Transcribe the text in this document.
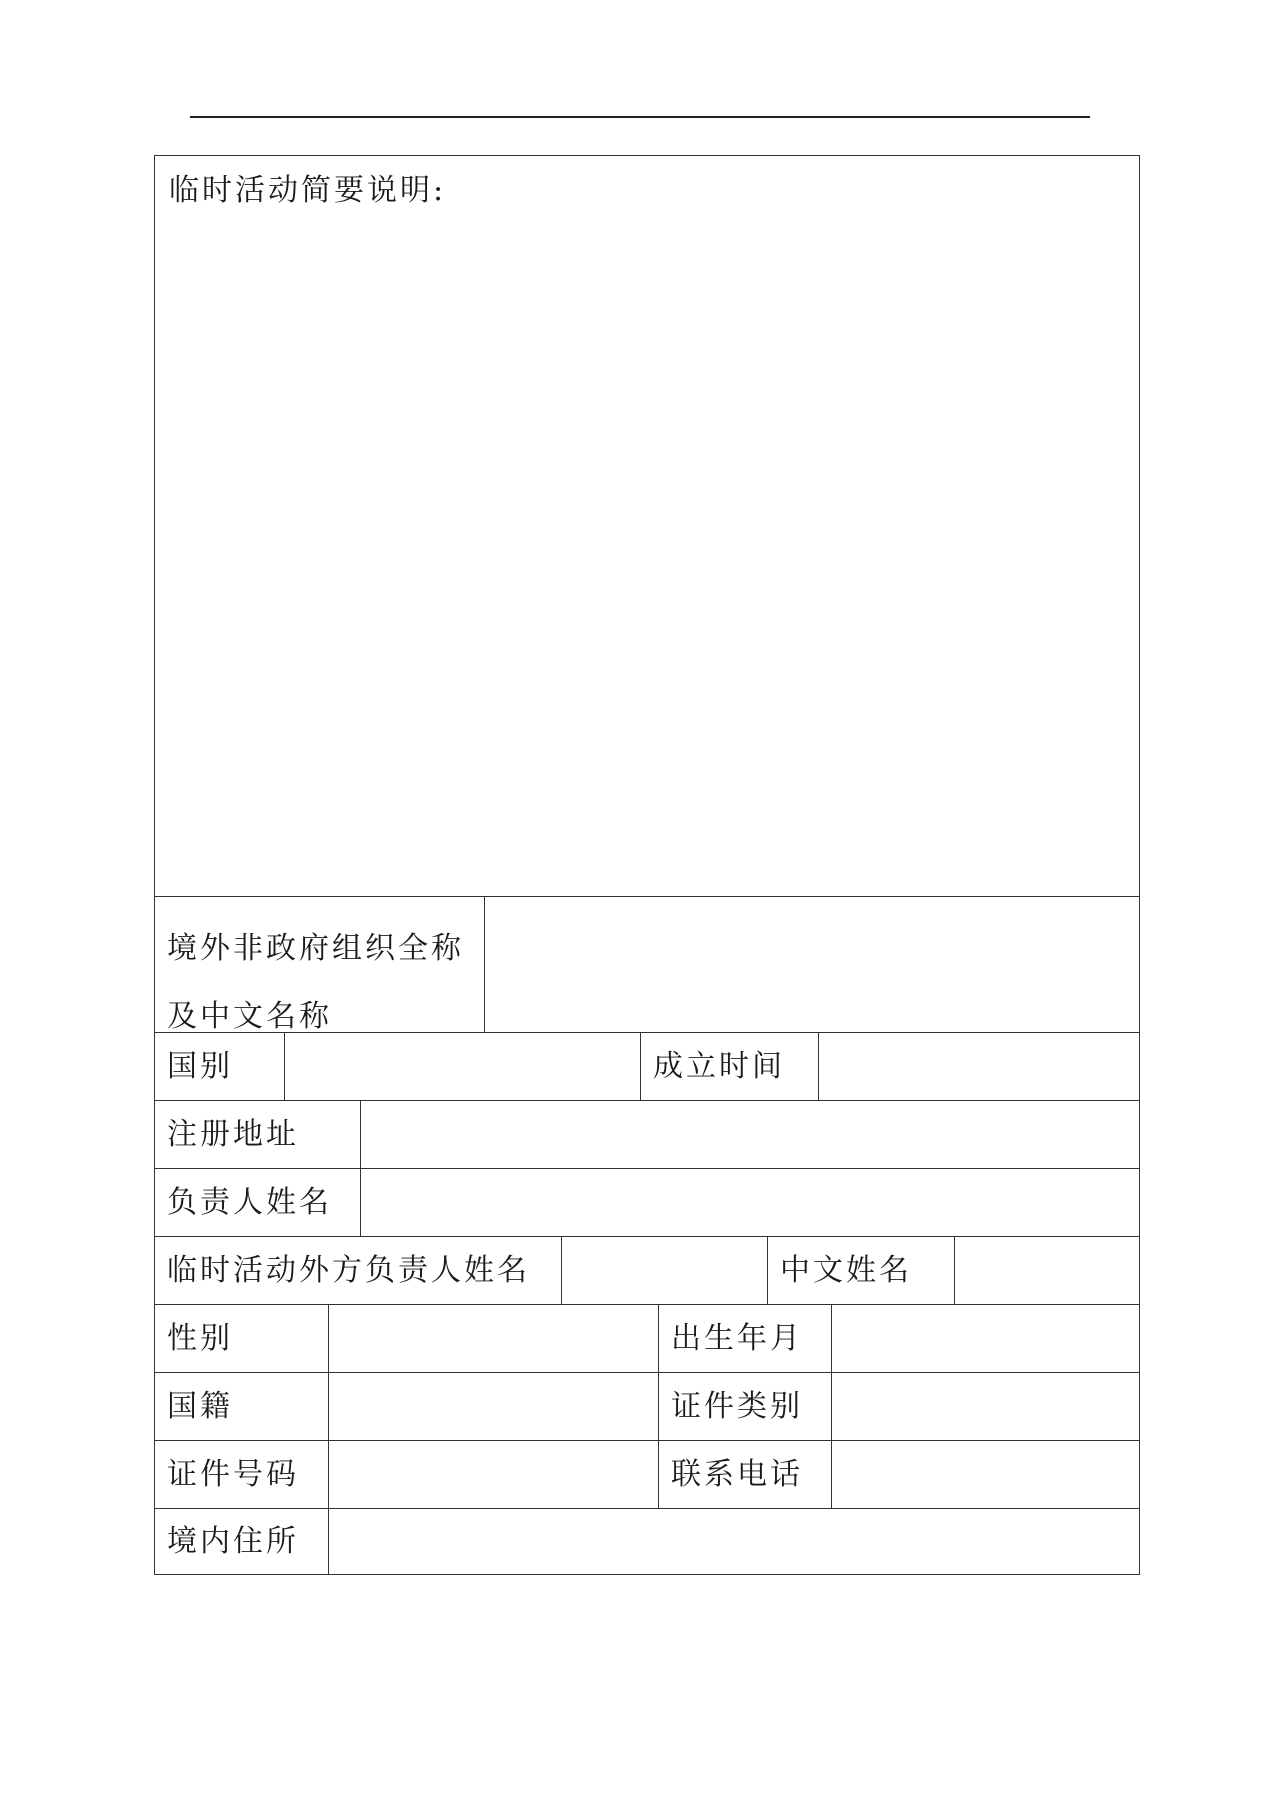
临时活动简要说明:
境外非政府组织全称
及中文名称
国别	成立时间
注册地址
负责人姓名
临时活动外方负责人姓名	中文姓名
性别	出生年月
国籍	证件类别
证件号码	联系电话
境内住所
